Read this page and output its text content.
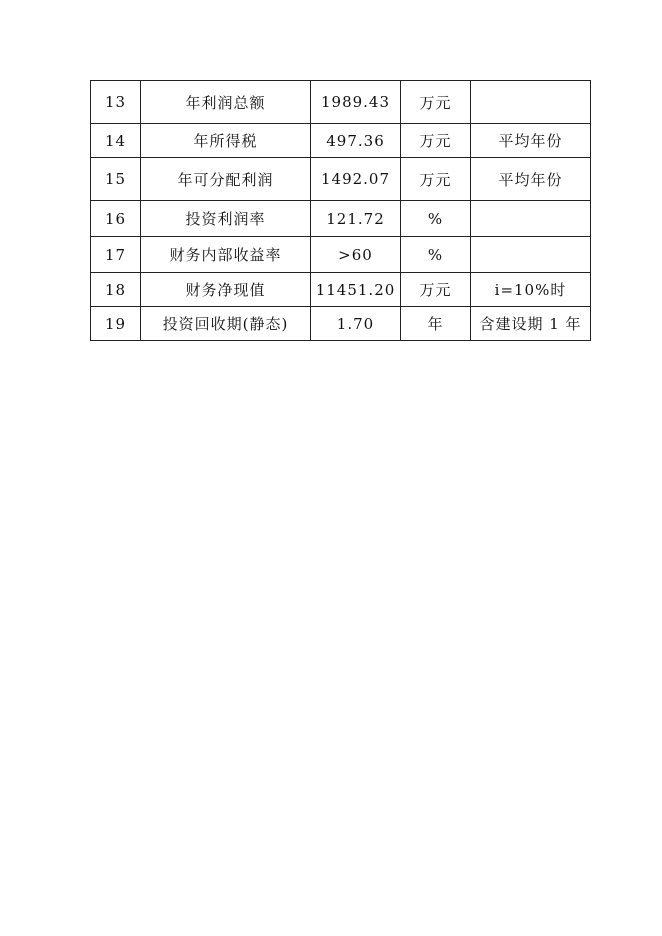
13	年利润总额	1989.43	万元	
14	年所得税	497.36	万元	平均年份
15	年可分配利润	1492.07	万元	平均年份
16	投资利润率	121.72	%	
17	财务内部收益率	>60	%	
18	财务净现值	11451.20	万元	i=10%时
19	投资回收期(静态)	1.70	年	含建设期 1 年
